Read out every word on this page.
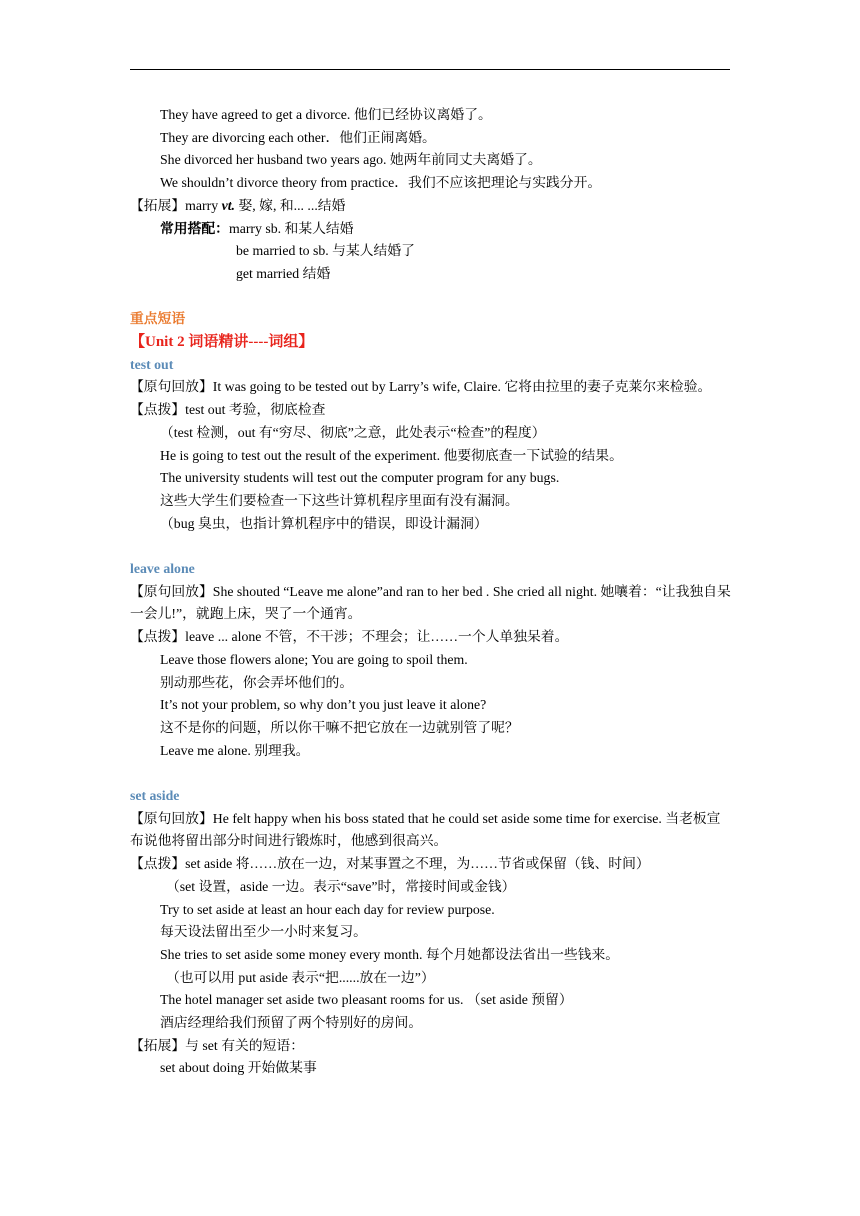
They have agreed to get a divorce. 他们已经协议离婚了。
They are divorcing each other．他们正闹离婚。
She divorced her husband two years ago. 她两年前同丈夫离婚了。
We shouldn’t divorce theory from practice．我们不应该把理论与实践分开。
【拓展】marry vt. 娶, 嫁, 和... ...结婚
常用搭配：marry sb. 和某人结婚
be married to sb. 与某人结婚了
get married 结婚
重点短语
【Unit 2 词语精讲----词组】
test out
【原句回放】It was going to be tested out by Larry’s wife, Claire. 它将由拉里的妻子克莱尔来检验。
【点拨】test out 考验，彻底检查
（test 检测，out 有“穷尽、彻底”之意，此处表示“检查”的程度）
He is going to test out the result of the experiment. 他要彻底查一下试验的结果。
The university students will test out the computer program for any bugs.
这些大学生们要检查一下这些计算机程序里面有没有漏洞。
（bug 臭虫，也指计算机程序中的错误，即设计漏洞）
leave alone
【原句回放】She shouted “Leave me alone”and ran to her bed . She cried all night. 她嚷着：“让我独自呆一会儿!”，就跑上床，哭了一个通宵。
【点拨】leave ... alone 不管，不干涉；不理会；让……一个人单独呆着。
Leave those flowers alone; You are going to spoil them.
别动那些花，你会弄坏他们的。
It’s not your problem, so why don’t you just leave it alone?
这不是你的问题，所以你干嘛不把它放在一边就别管了呢？
Leave me alone. 别理我。
set aside
【原句回放】He felt happy when his boss stated that he could set aside some time for exercise. 当老板宣布说他将留出部分时间进行锻炼时，他感到很高兴。
【点拨】set aside 将……放在一边，对某事置之不理，为……节省或保留（钱、时间）
（set 设置，aside 一边。表示“save”时，常接时间或金钱）
Try to set aside at least an hour each day for review purpose.
每天设法留出至少一小时来复习。
She tries to set aside some money every month. 每个月她都设法省出一些钱来。
（也可以用 put aside 表示“把......放在一边”）
The hotel manager set aside two pleasant rooms for us. （set aside 预留）
酒店经理给我们预留了两个特别好的房间。
【拓展】与 set 有关的短语：
set about doing 开始做某事
